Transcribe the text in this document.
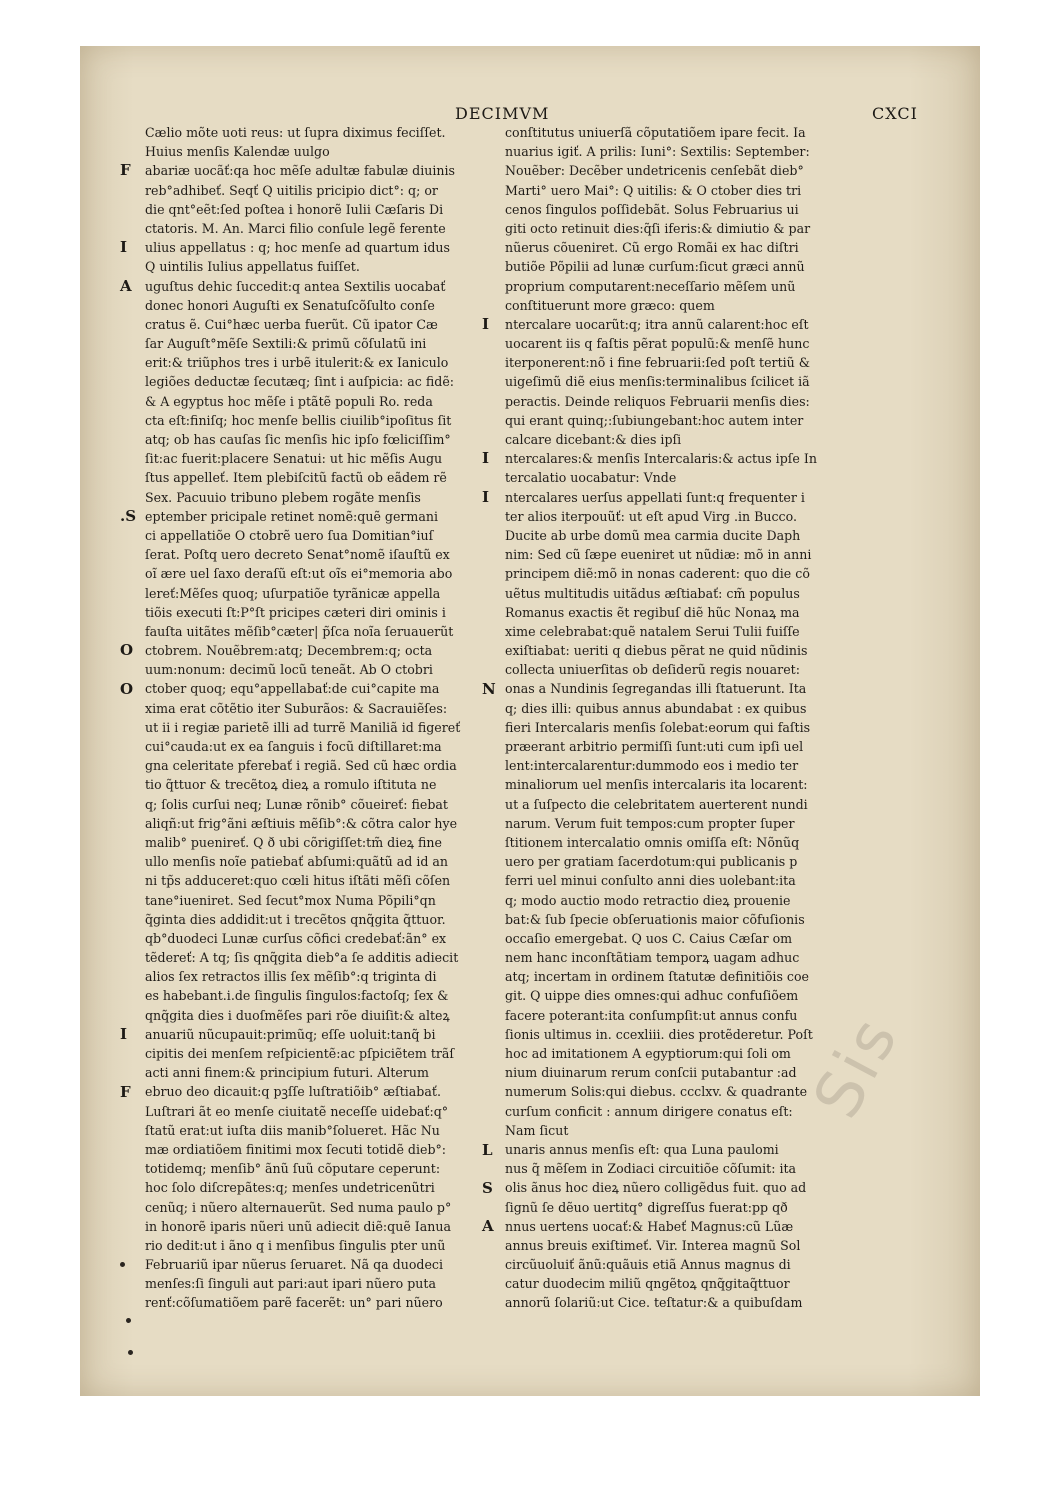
DECIMVM	CXCI
Cælio mõte uoti reus: ut ſupra diximus feciſſet.
Huius menſis Kalendæ uulgo
abariæ uocãť:qa hoc mẽſe adultæ fabulæ diuinis
reb°adhibeť. Seqť Q uitilis pricipio dict°: q; or
die qnt°eẽt:ſed poſtea i honorẽ Iulii Cæſaris Di
ctatoris. M. An. Marci filio conſule legẽ ferente
ulius appellatus : q; hoc menſe ad quartum idus
Q uintilis Iulius appellatus fuiſſet.
uguſtus dehic ſuccedit:q antea Sextilis uocabať
donec honori Auguſti ex Senatuſcõſulto conſe
cratus ẽ. Cui°hæc uerba fuerũt. Cũ ipator Cæ
ſar Auguſt°mẽſe Sextili:& primũ cõſulatũ ini
erit:& triũphos tres i urbẽ itulerit:& ex Ianiculo
legiões deductæ ſecutæq; ſint i auſpicia: ac fidẽ:
& A egyptus hoc mẽſe i ptãtẽ populi Ro. reda
cta eſt:finiſq; hoc menſe bellis ciuilib°ipoſitus ſit
atq; ob has cauſas ſic menſis hic ipſo fœliciſſim°
ſit:ac fuerit:placere Senatui: ut hic mẽſis Augu
ſtus appelleť. Item plebiſcitũ factũ ob eãdem rẽ
Sex. Pacuuio tribuno plebem rogãte menſis
eptember pricipale retinet nomẽ:quẽ germani
ci appellatiõe O ctobrẽ uero ſua Domitian°iuſ
ſerat. Poſtq uero decreto Senat°nomẽ iſauſtũ ex
oĩ ære uel ſaxo deraſũ eſt:ut oĩs ei°memoria abo
lereť:Mẽſes quoq; uſurpatiõe tyrãnicæ appella
tiõis executi ſt:P°ſt pricipes cæteri diri ominis i
fauſta uitãtes mẽſib°cæter| p̃ſca noĩa ſeruauerũt
ctobrem. Nouẽbrem:atq; Decembrem:q; octa
uum:nonum: decimũ locũ teneãt. Ab O ctobri
ctober quoq; equ°appellabať:de cui°capite ma
xima erat cõtẽtio iter Suburãos: & Sacrauiẽſes:
ut ii i regiæ parietẽ illi ad turrẽ Maniliã id figereť
cui°cauda:ut ex ea ſanguis i focũ diſtillaret:ma
gna celeritate pferebať i regiã. Sed cũ hæc ordia
tio q̃ttuor & trecẽtoꝝ dieꝝ a romulo iſtituta ne
q; ſolis curſui neq; Lunæ rõnib° cõueireť: fiebat
aliqñ:ut frig°ãni æſtiuis mẽſib°:& cõtra calor hye
malib° puenireť. Q ð ubi cõrigiſſet:tm̃ dieꝝ fine
ullo menſis noĩe patiebať abſumi:quãtũ ad id an
ni tp̃s adduceret:quo cœli hitus iſtãti mẽſi cõſen
tane°iueniret. Sed ſecut°mox Numa Põpili°qn
q̃ginta dies addidit:ut i trecẽtos qnq̃gita q̃ttuor.
qb°duodeci Lunæ curſus cõfici credebať:ãn° ex
tẽdereť: A tq; ſis qnq̃gita dieb°a ſe additis adiecit
alios ſex retractos illis ſex mẽſib°:q triginta di
es habebant.i.de ſingulis ſingulos:factoſq; ſex &
qnq̃gita dies i duoſmẽſes pari rõe diuiſit:& alteꝝ
anuariũ nũcupauit:primũq; eſſe uoluit:tanq̃ bi
cipitis dei menſem reſpicientẽ:ac pſpiciẽtem trãſ
acti anni finem:& principium futuri. Alterum
ebruo deo dicauit:q pꝫſſe luſtratiõib° æſtiabať.
Luſtrari ãt eo menſe ciuitatẽ neceſſe uidebať:q°
ſtatũ erat:ut iuſta diis manib°ſolueret. Hãc Nu
mæ ordiatiõem finitimi mox ſecuti totidẽ dieb°:
totidemq; menſib° ãnũ ſuũ cõputare ceperunt:
hoc ſolo diſcrepãtes:q; menſes undetricenũtri
cenũq; i nũero alternauerũt. Sed numa paulo p°
in honorẽ iparis nũeri unũ adiecit diẽ:quẽ Ianua
rio dedit:ut i ãno q i menſibus ſingulis pter unũ
Februariũ ipar nũerus ſeruaret. Nã qa duodeci
menſes:ſi ſinguli aut pari:aut ipari nũero puta
renť:cõſumatiõem parẽ facerẽt: un° pari nũero
conſtitutus uniuerſã cõputatiõem ipare fecit. Ia
nuarius igiť. A prilis: Iuni°: Sextilis: September:
Nouẽber: Decẽber undetricenis cenſebãt dieb°
Marti° uero Mai°: Q uitilis: & O ctober dies tri
cenos ſingulos poſſidebãt. Solus Februarius ui
giti octo retinuit dies:q̃ſi iferis:& dimiutio & par
nũerus cõueniret. Cũ ergo Romãi ex hac diſtri
butiõe Põpilii ad lunæ curſum:ſicut græci annũ
proprium computarent:neceſſario mẽſem unũ
conſtituerunt more græco: quem
ntercalare uocarũt:q; itra annũ calarent:hoc eſt
uocarent iis q faſtis pẽrat populũ:& menſẽ hunc
iterponerent:nõ i fine februarii:ſed poſt tertiũ &
uigeſimũ diẽ eius menſis:terminalibus ſcilicet iã
peractis. Deinde reliquos Februarii menſis dies:
qui erant quinq;:ſubiungebant:hoc autem inter
calcare dicebant:& dies ipſi
ntercalares:& menſis Intercalaris:& actus ipſe In
tercalatio uocabatur: Vnde
ntercalares uerſus appellati ſunt:q frequenter i
ter alios iterpouũť: ut eſt apud Virg .in Bucco.
Ducite ab urbe domũ mea carmia ducite Daph
nim: Sed cũ ſæpe eueniret ut nũdiæ: mõ in anni
principem diẽ:mõ in nonas caderent: quo die cõ
uẽtus multitudis uitãdus æſtiabať: cm̃ populus
Romanus exactis ẽt regibuſ diẽ hũc Nonaꝝ ma
xime celebrabat:quẽ natalem Serui Tulii fuiſſe
exiſtiabat: ueriti q diebus pẽrat ne quid nũdinis
collecta uniuerſitas ob deſiderũ regis nouaret:
onas a Nundinis ſegregandas illi ſtatuerunt. Ita
q; dies illi: quibus annus abundabat : ex quibus
fieri Intercalaris menſis ſolebat:eorum qui faſtis
præerant arbitrio permiſſi ſunt:uti cum ipſi uel
lent:intercalarentur:dummodo eos i medio ter
minaliorum uel menſis intercalaris ita locarent:
ut a ſuſpecto die celebritatem auerterent nundi
narum. Verum fuit tempos:cum propter ſuper
ſtitionem intercalatio omnis omiſſa eſt: Nõnũq
uero per gratiam ſacerdotum:qui publicanis p
ferri uel minui conſulto anni dies uolebant:ita
q; modo auctio modo retractio dieꝝ prouenie
bat:& ſub ſpecie obſeruationis maior cõfuſionis
occaſio emergebat. Q uos C. Caius Cæſar om
nem hanc inconſtãtiam temporꝝ uagam adhuc
atq; incertam in ordinem ſtatutæ definitiõis coe
git. Q uippe dies omnes:qui adhuc confuſiõem
facere poterant:ita conſumpſit:ut annus confu
ſionis ultimus in. ccexliii. dies protẽderetur. Poſt
hoc ad imitationem A egyptiorum:qui ſoli om
nium diuinarum rerum conſcii putabantur :ad
numerum Solis:qui diebus. ccclxv. & quadrante
curſum conficit : annum dirigere conatus eſt:
Nam ſicut
unaris annus menſis eſt: qua Luna paulomi
nus q̃ mẽſem in Zodiaci circuitiõe cõſumit: ita
olis ãnus hoc dieꝝ nũero colligẽdus fuit. quo ad
ſignũ ſe dẽuo uertitq° digreſſus fuerat:pp qð
nnus uertens uocať:& Habeť Magnus:cũ Lũæ
annus breuis exiſtimeť. Vir. Interea magnũ Sol
circũuoluiť ãnũ:quãuis etiã Annus magnus di
catur duodecim miliũ qngẽtoꝝ qnq̃gitaq̃ttuor
annorũ ſolariũ:ut Cice. teſtatur:& a quibuſdam
F
I
A
.S
O
O
I
F
I
I
I
N
L
S
A
Sis
